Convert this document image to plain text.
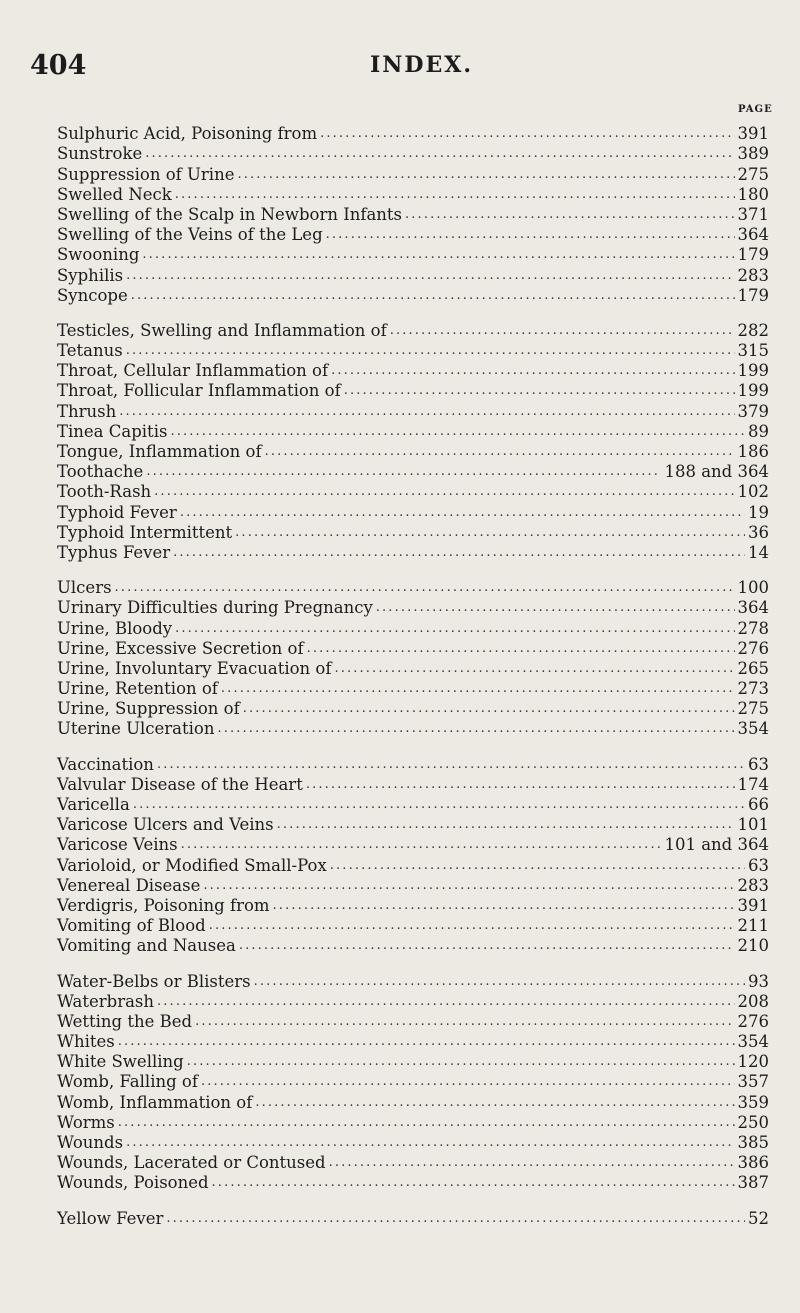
404	INDEX.
PAGE
Sulphuric Acid, Poisoning from . . .	391
Sunstroke . . .	389
Suppression of Urine . . .	275
Swelled Neck . . .	180
Swelling of the Scalp in Newborn Infants . . .	371
Swelling of the Veins of the Leg . . .	364
Swooning . . .	179
Syphilis . . .	283
Syncope . . .	179
Testicles, Swelling and Inflammation of . . .	282
Tetanus . . .	315
Throat, Cellular Inflammation of . . .	199
Throat, Follicular Inflammation of . . .	199
Thrush . . .	379
Tinea Capitis . . .	89
Tongue, Inflammation of . . .	186
Toothache . . .	188 and 364
Tooth-Rash . . .	102
Typhoid Fever . . .	19
Typhoid Intermittent . . .	36
Typhus Fever . . .	14
Ulcers . . .	100
Urinary Difficulties during Pregnancy . . .	364
Urine, Bloody . . .	278
Urine, Excessive Secretion of . . .	276
Urine, Involuntary Evacuation of . . .	265
Urine, Retention of . . .	273
Urine, Suppression of . . .	275
Uterine Ulceration . . .	354
Vaccination . . .	63
Valvular Disease of the Heart . . .	174
Varicella . . .	66
Varicose Ulcers and Veins . . .	101
Varicose Veins . . .	101 and 364
Varioloid, or Modified Small-Pox . . .	63
Venereal Disease . . .	283
Verdigris, Poisoning from . . .	391
Vomiting of Blood . . .	211
Vomiting and Nausea . . .	210
Water-Belbs or Blisters . . .	93
Waterbrash . . .	208
Wetting the Bed . . .	276
Whites . . .	354
White Swelling . . .	120
Womb, Falling of . . .	357
Womb, Inflammation of . . .	359
Worms . . .	250
Wounds . . .	385
Wounds, Lacerated or Contused . . .	386
Wounds, Poisoned . . .	387
Yellow Fever . . .	52
